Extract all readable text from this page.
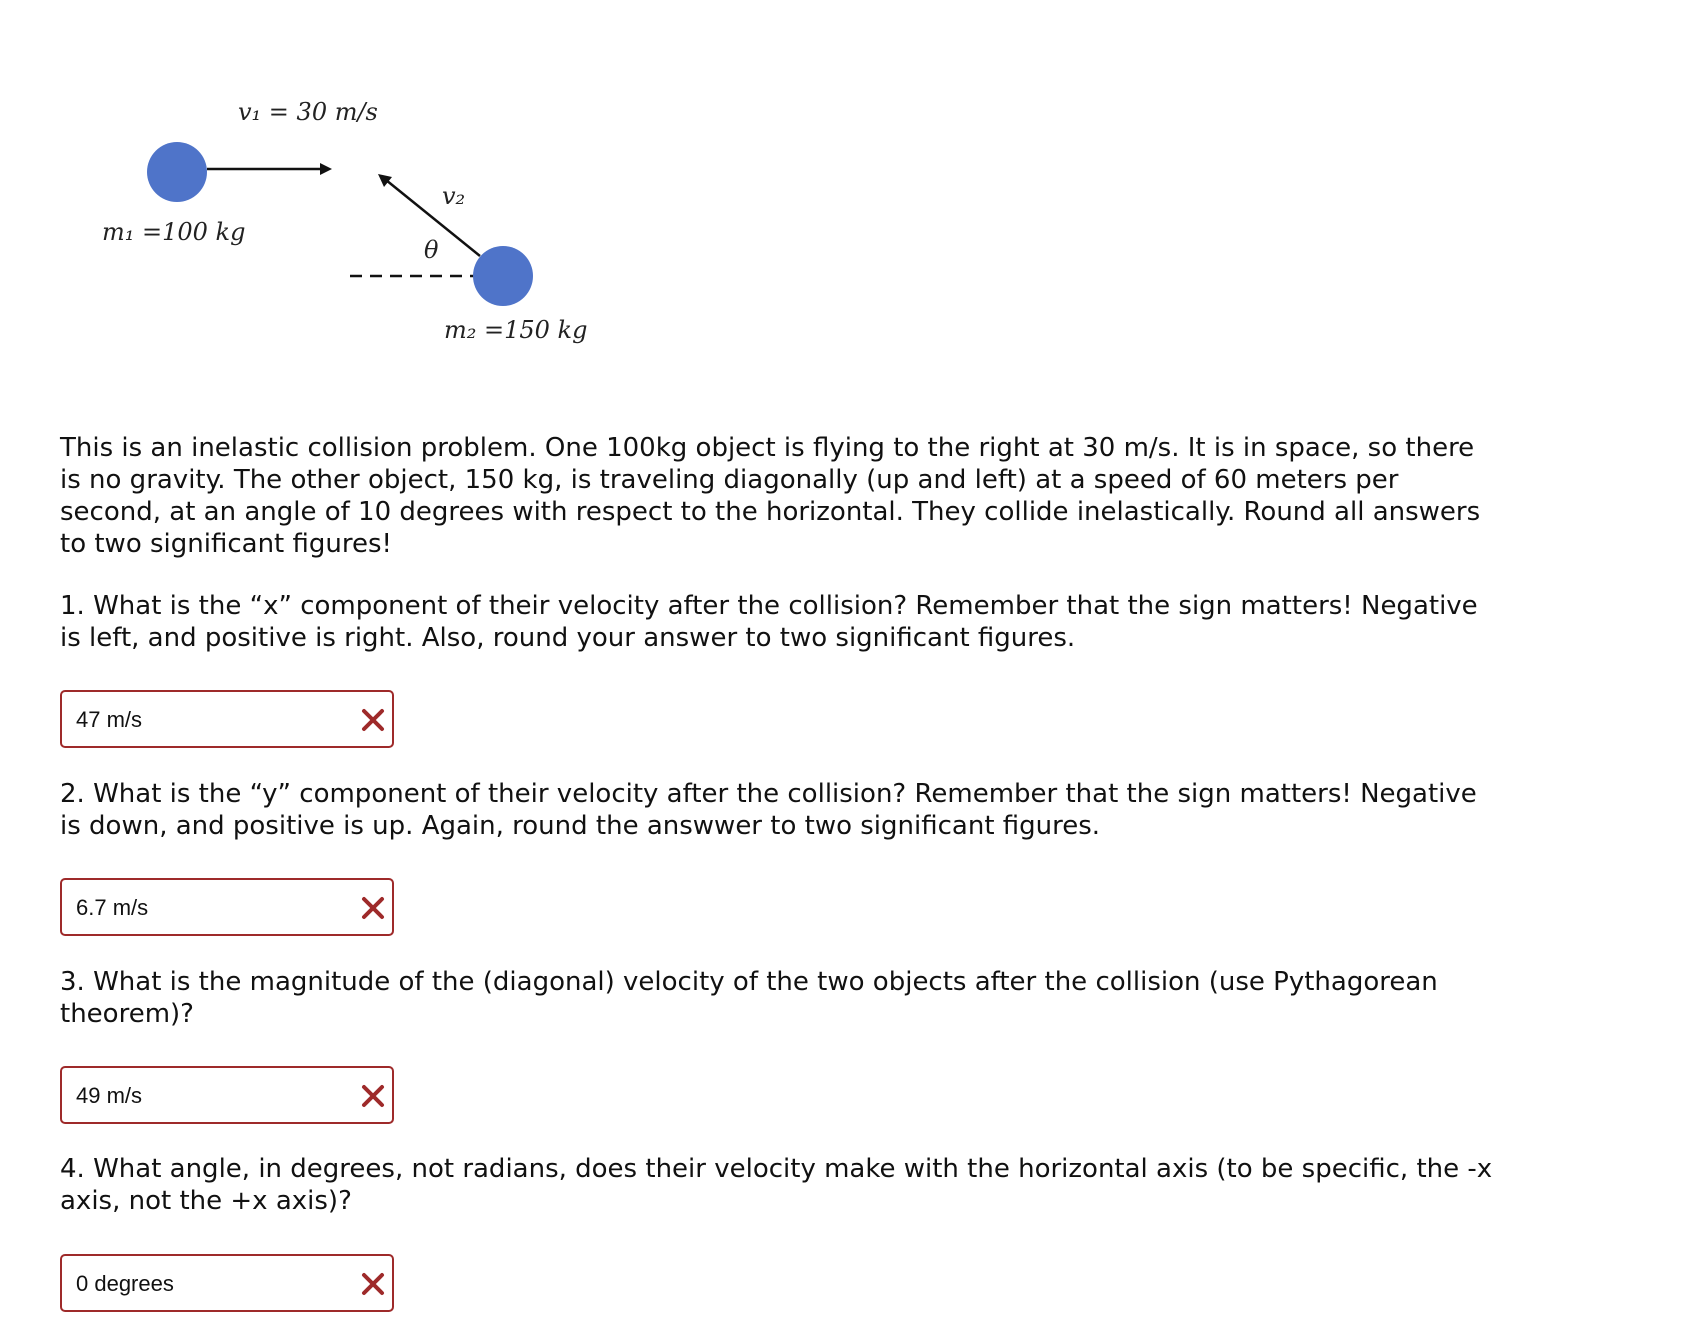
v₁ = 30 m/s
m₁ =100 kg
v₂
θ
m₂ =150 kg

This is an inelastic collision problem. One 100kg object is flying to the right at 30 m/s. It is in space, so there is no gravity. The other object, 150 kg, is traveling diagonally (up and left) at a speed of 60 meters per second, at an angle of 10 degrees with respect to the horizontal. They collide inelastically. Round all answers to two significant figures!

1. What is the “x” component of their velocity after the collision? Remember that the sign matters! Negative is left, and positive is right. Also, round your answer to two significant figures.

47 m/s

2. What is the “y” component of their velocity after the collision? Remember that the sign matters! Negative is down, and positive is up. Again, round the answwer to two significant figures.

6.7 m/s

3. What is the magnitude of the (diagonal) velocity of the two objects after the collision (use Pythagorean theorem)?

49 m/s

4. What angle, in degrees, not radians, does their velocity make with the horizontal axis (to be specific, the -x axis, not the +x axis)?

0 degrees
